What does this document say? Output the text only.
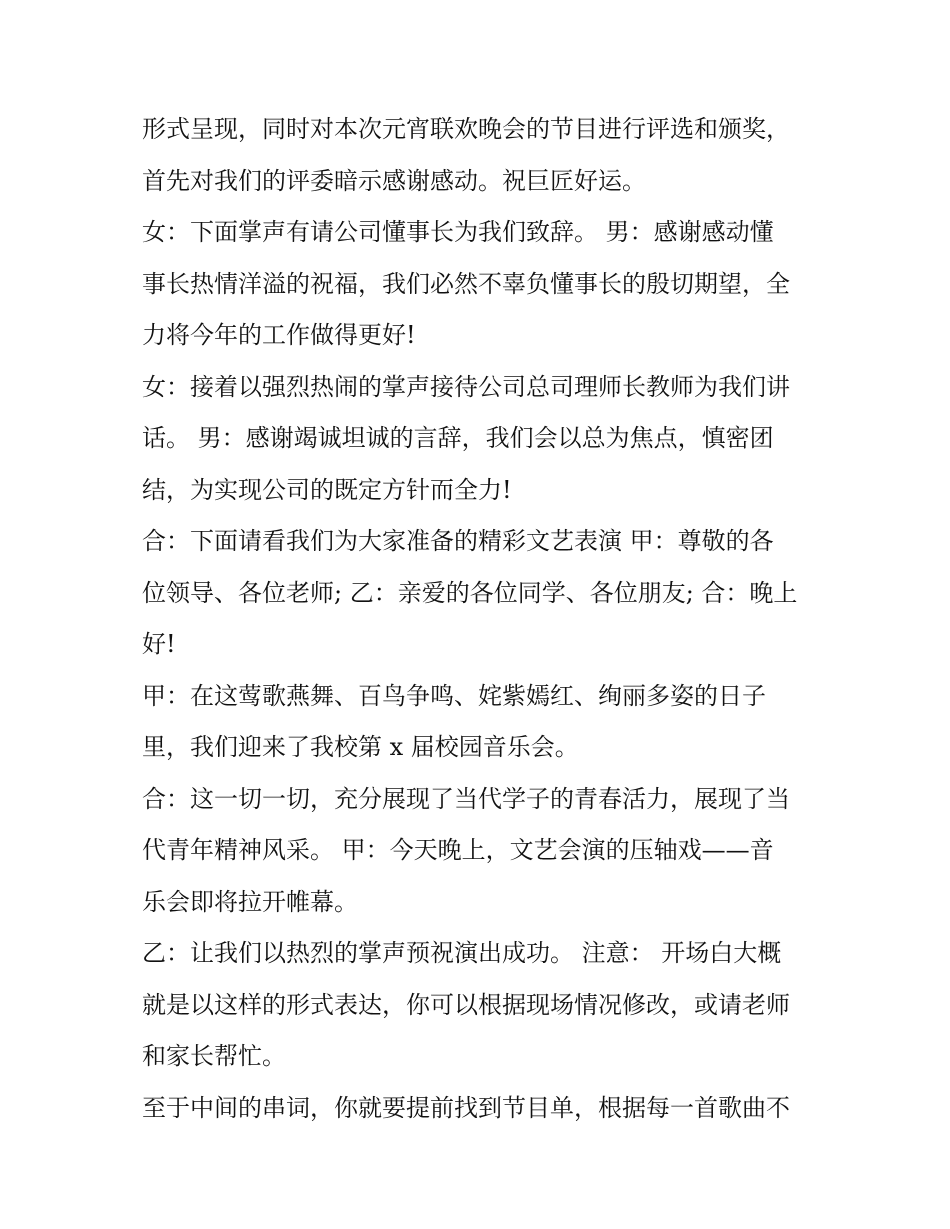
形式呈现，同时对本次元宵联欢晚会的节目进行评选和颁奖，
首先对我们的评委暗示感谢感动。祝巨匠好运。
女：下面掌声有请公司懂事长为我们致辞。 男：感谢感动懂
事长热情洋溢的祝福，我们必然不辜负懂事长的殷切期望，全
力将今年的工作做得更好!
女：接着以强烈热闹的掌声接待公司总司理师长教师为我们讲
话。 男：感谢竭诚坦诚的言辞，我们会以总为焦点，慎密团
结，为实现公司的既定方针而全力!
合：下面请看我们为大家准备的精彩文艺表演 甲：尊敬的各
位领导、各位老师; 乙：亲爱的各位同学、各位朋友; 合：晚上
好!
甲：在这莺歌燕舞、百鸟争鸣、姹紫嫣红、绚丽多姿的日子
里，我们迎来了我校第 x 届校园音乐会。
合：这一切一切，充分展现了当代学子的青春活力，展现了当
代青年精神风采。 甲：今天晚上，文艺会演的压轴戏——音
乐会即将拉开帷幕。
乙：让我们以热烈的掌声预祝演出成功。 注意： 开场白大概
就是以这样的形式表达，你可以根据现场情况修改，或请老师
和家长帮忙。
至于中间的串词，你就要提前找到节目单，根据每一首歌曲不
